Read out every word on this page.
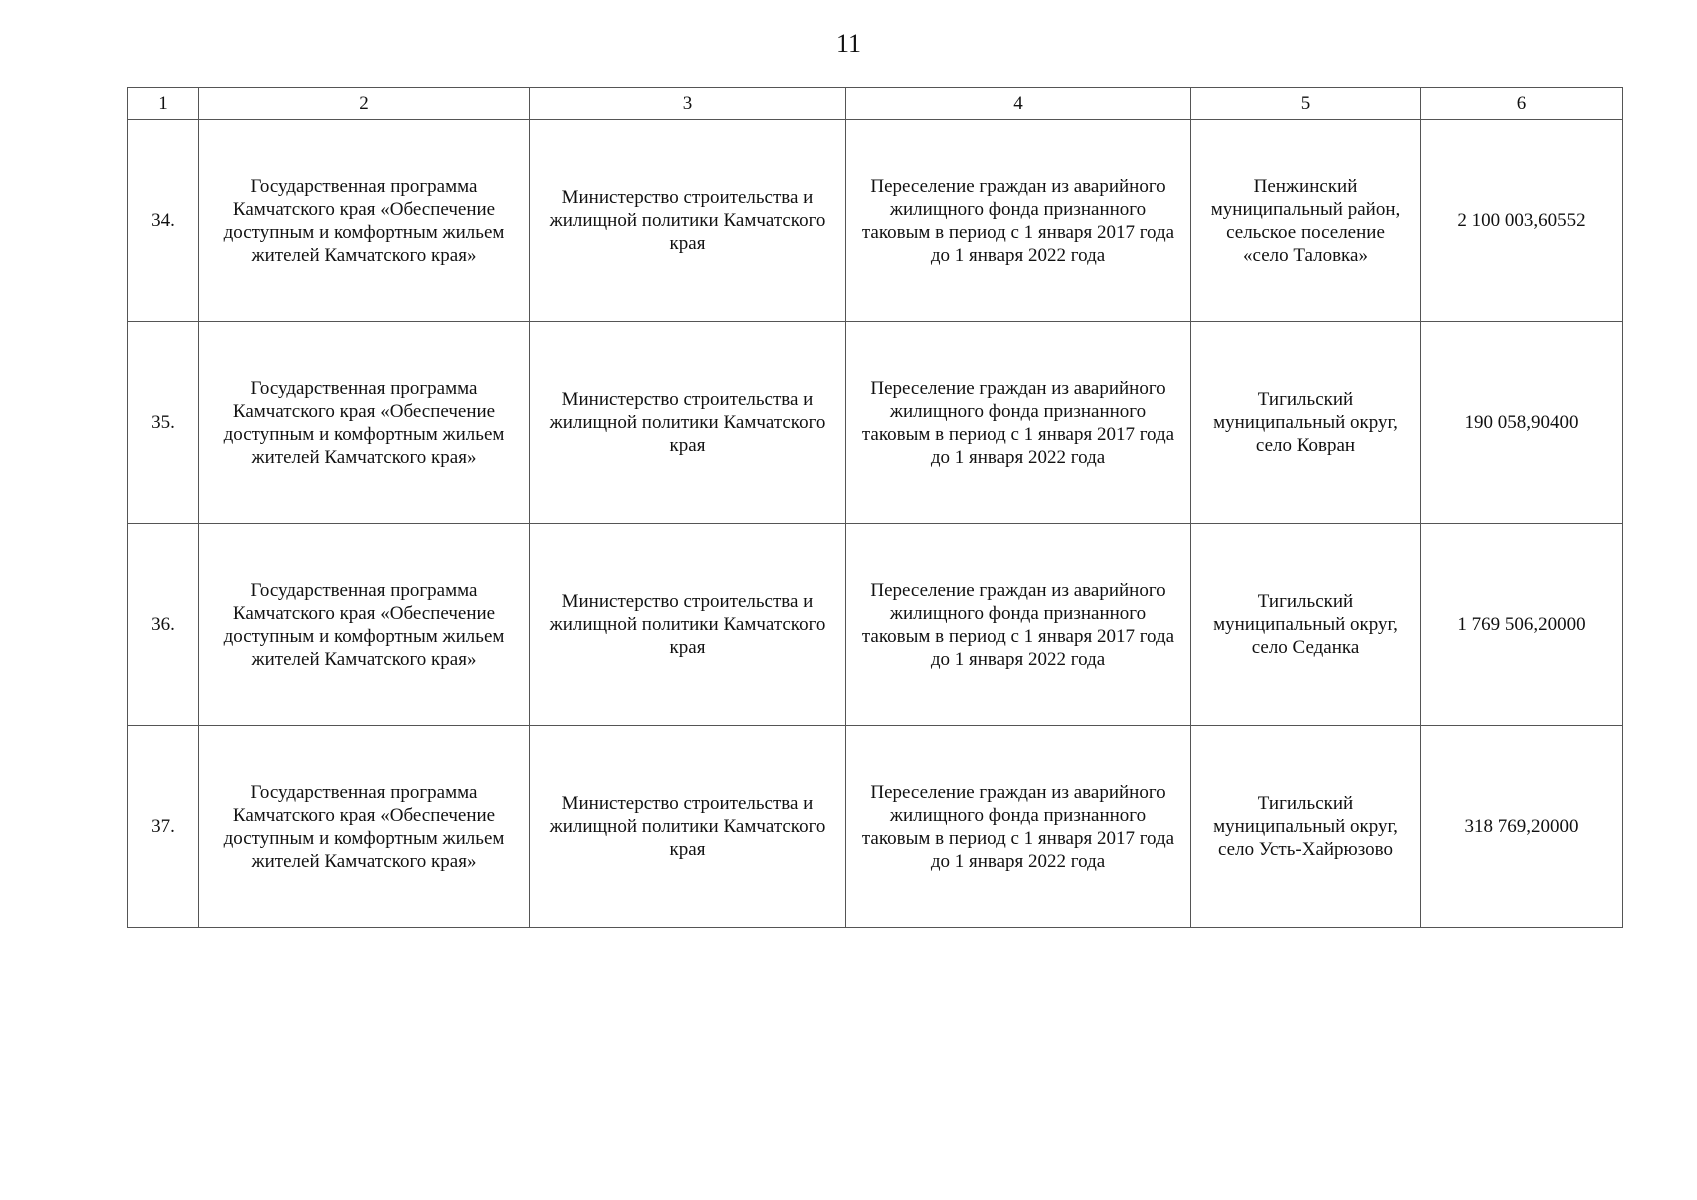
11
1	2	3	4	5	6
34.	Государственная программа Камчатского края «Обеспечение доступным и комфортным жильем жителей Камчатского края»	Министерство строительства и жилищной политики Камчатского края	Переселение граждан из аварийного жилищного фонда признанного таковым в период с 1 января 2017 года до 1 января 2022 года	Пенжинский муниципальный район, сельское поселение «село Таловка»	2 100 003,60552
35.	Государственная программа Камчатского края «Обеспечение доступным и комфортным жильем жителей Камчатского края»	Министерство строительства и жилищной политики Камчатского края	Переселение граждан из аварийного жилищного фонда признанного таковым в период с 1 января 2017 года до 1 января 2022 года	Тигильский муниципальный округ, село Ковран	190 058,90400
36.	Государственная программа Камчатского края «Обеспечение доступным и комфортным жильем жителей Камчатского края»	Министерство строительства и жилищной политики Камчатского края	Переселение граждан из аварийного жилищного фонда признанного таковым в период с 1 января 2017 года до 1 января 2022 года	Тигильский муниципальный округ, село Седанка	1 769 506,20000
37.	Государственная программа Камчатского края «Обеспечение доступным и комфортным жильем жителей Камчатского края»	Министерство строительства и жилищной политики Камчатского края	Переселение граждан из аварийного жилищного фонда признанного таковым в период с 1 января 2017 года до 1 января 2022 года	Тигильский муниципальный округ, село Усть-Хайрюзово	318 769,20000
